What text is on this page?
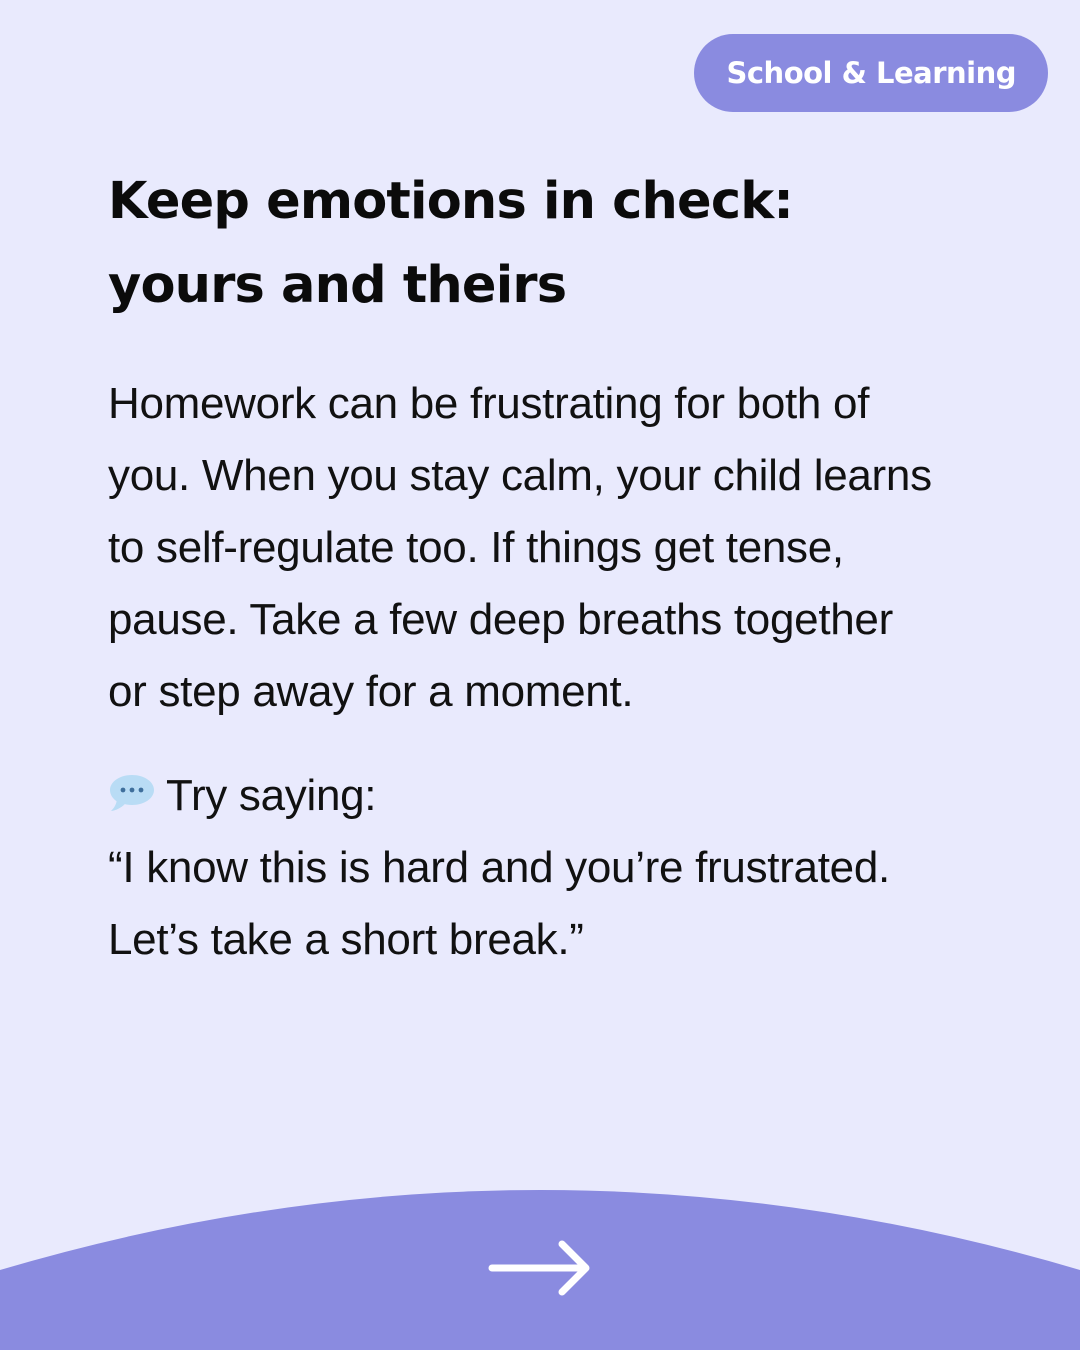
School & Learning
Keep emotions in check:
yours and theirs
Homework can be frustrating for both of
you. When you stay calm, your child learns
to self-regulate too. If things get tense,
pause. Take a few deep breaths together
or step away for a moment.
Try saying:
“I know this is hard and you’re frustrated.
Let’s take a short break.”
